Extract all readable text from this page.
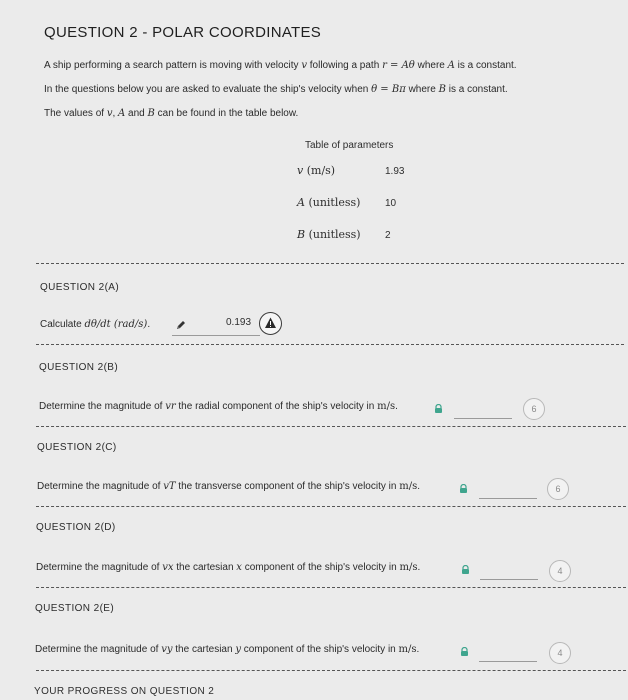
QUESTION 2 - POLAR COORDINATES
A ship performing a search pattern is moving with velocity v following a path r = Aθ where A is a constant.
In the questions below you are asked to evaluate the ship's velocity when θ = Bπ where B is a constant.
The values of v, A and B can be found in the table below.
Table of parameters
v (m/s)	1.93
A (unitless) 10
B (unitless) 2
QUESTION 2(A)
Calculate dθ/dt (rad/s).	0.193
QUESTION 2(B)
Determine the magnitude of vr the radial component of the ship's velocity in m/s.	6
QUESTION 2(C)
Determine the magnitude of vT the transverse component of the ship's velocity in m/s.	6
QUESTION 2(D)
Determine the magnitude of vx the cartesian x component of the ship's velocity in m/s.	4
QUESTION 2(E)
Determine the magnitude of vy the cartesian y component of the ship's velocity in m/s.	4
YOUR PROGRESS ON QUESTION 2
